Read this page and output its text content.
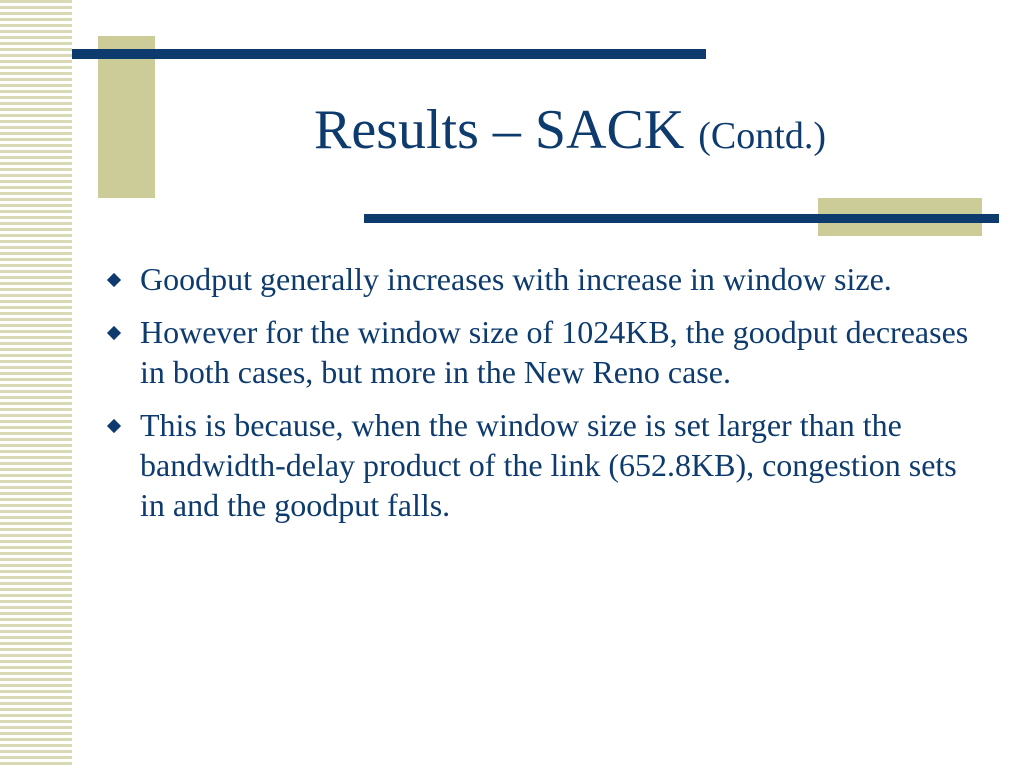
Results – SACK (Contd.)
Goodput generally increases with increase in window size.
However for the window size of 1024KB, the goodput decreases in both cases, but more in the New Reno case.
This is because, when the window size is set larger than the bandwidth-delay product of the link (652.8KB), congestion sets in and the goodput falls.
